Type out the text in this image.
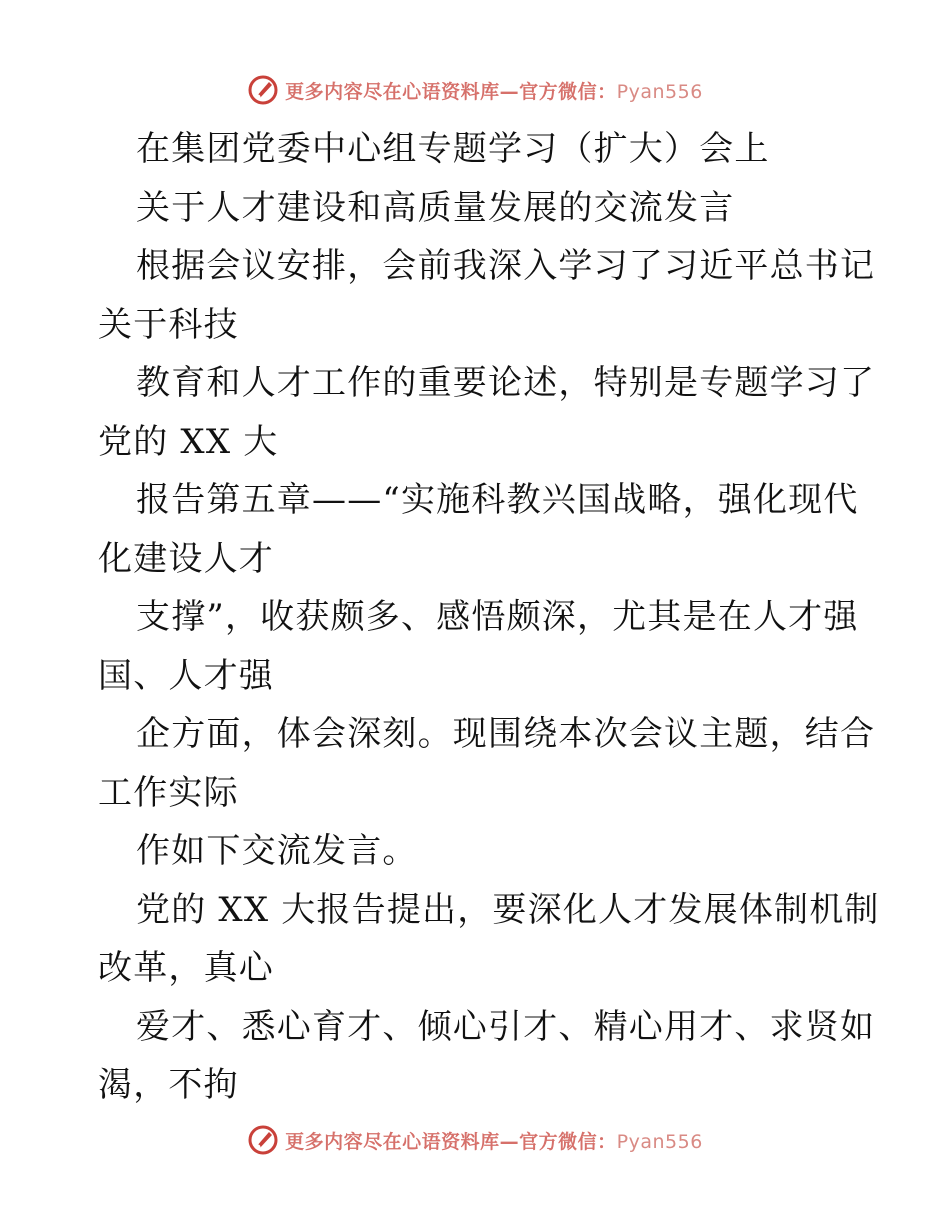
更多内容尽在心语资料库—官方微信：Pyan556
在集团党委中心组专题学习（扩大）会上
关于人才建设和高质量发展的交流发言
根据会议安排，会前我深入学习了习近平总书记
关于科技
教育和人才工作的重要论述，特别是专题学习了
党的 XX 大
报告第五章——“实施科教兴国战略，强化现代
化建设人才
支撑”，收获颇多、感悟颇深，尤其是在人才强
国、人才强
企方面，体会深刻。现围绕本次会议主题，结合
工作实际
作如下交流发言。
党的 XX 大报告提出，要深化人才发展体制机制
改革，真心
爱才、悉心育才、倾心引才、精心用才、求贤如
渴，不拘
更多内容尽在心语资料库—官方微信：Pyan556
